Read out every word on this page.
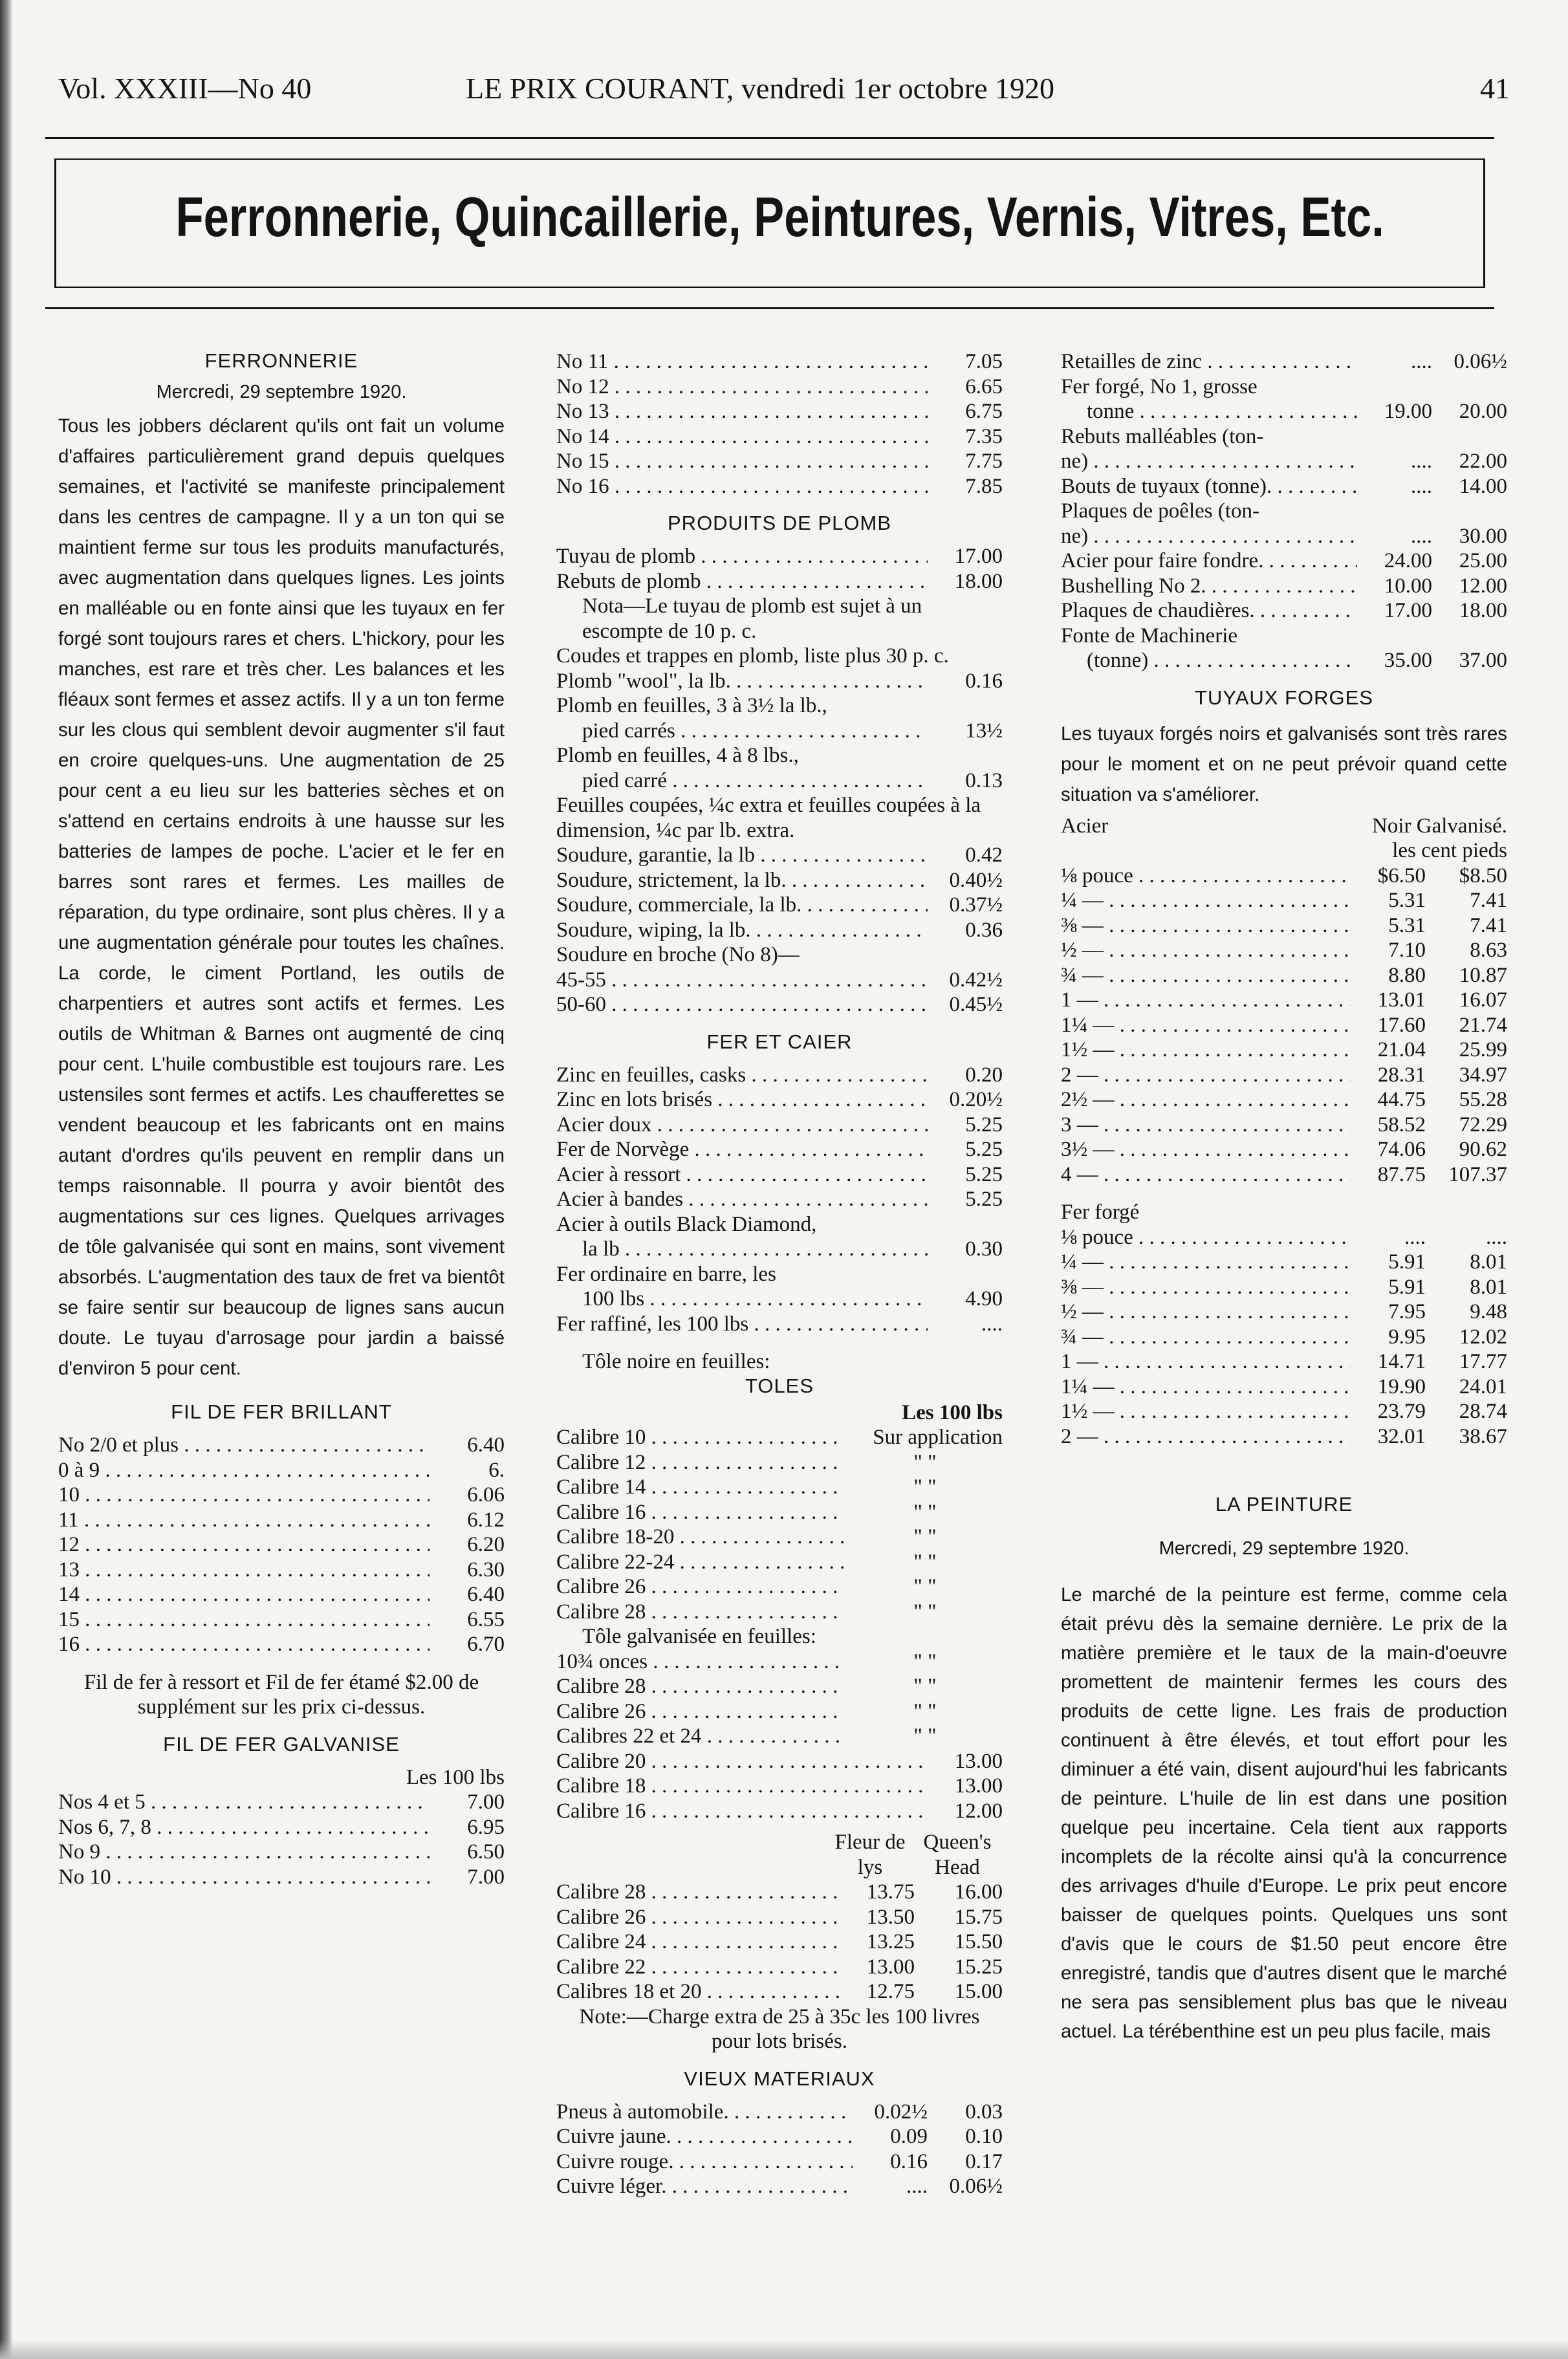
Vol. XXXIII—No 40	LE PRIX COURANT, vendredi 1er octobre 1920	41
Ferronnerie, Quincaillerie, Peintures, Vernis, Vitres, Etc.
FERRONNERIE
Mercredi, 29 septembre 1920.
Tous les jobbers déclarent qu'ils ont fait un volume d'affaires particulièrement grand depuis quelques semaines, et l'activité se manifeste principalement dans les centres de campagne. Il y a un ton qui se maintient ferme sur tous les produits manufacturés, avec augmentation dans quelques lignes. Les joints en malléable ou en fonte ainsi que les tuyaux en fer forgé sont toujours rares et chers. L'hickory, pour les manches, est rare et très cher. Les balances et les fléaux sont fermes et assez actifs. Il y a un ton ferme sur les clous qui semblent devoir augmenter s'il faut en croire quelques-uns. Une augmentation de 25 pour cent a eu lieu sur les batteries sèches et on s'attend en certains endroits à une hausse sur les batteries de lampes de poche. L'acier et le fer en barres sont rares et fermes. Les mailles de réparation, du type ordinaire, sont plus chères. Il y a une augmentation générale pour toutes les chaînes. La corde, le ciment Portland, les outils de charpentiers et autres sont actifs et fermes. Les outils de Whitman & Barnes ont augmenté de cinq pour cent. L'huile combustible est toujours rare. Les ustensiles sont fermes et actifs. Les chaufferettes se vendent beaucoup et les fabricants ont en mains autant d'ordres qu'ils peuvent en remplir dans un temps raisonnable. Il pourra y avoir bientôt des augmentations sur ces lignes. Quelques arrivages de tôle galvanisée qui sont en mains, sont vivement absorbés. L'augmentation des taux de fret va bientôt se faire sentir sur beaucoup de lignes sans aucun doute. Le tuyau d'arrosage pour jardin a baissé d'environ 5 pour cent.
FIL DE FER BRILLANT
No 2/0 et plus . . .	6.40
0 à 9 . . .	6.
10 . . .	6.06
11 . . .	6.12
12 . . .	6.20
13 . . .	6.30
14 . . .	6.40
15 . . .	6.55
16 . . .	6.70
Fil de fer à ressort et Fil de fer étamé $2.00 de supplément sur les prix ci-dessus.
FIL DE FER GALVANISE
Les 100 lbs
Nos 4 et 5 . . .	7.00
Nos 6, 7, 8 . . .	6.95
No 9 . . .	6.50
No 10 . . .	7.00
No 11 . . .	7.05
No 12 . . .	6.65
No 13 . . .	6.75
No 14 . . .	7.35
No 15 . . .	7.75
No 16 . . .	7.85
PRODUITS DE PLOMB
Tuyau de plomb . . .	17.00
Rebuts de plomb . . .	18.00
Nota—Le tuyau de plomb est sujet à un escompte de 10 p. c.
Coudes et trappes en plomb, liste plus 30 p. c.
Plomb "wool", la lb. . . .	0.16
Plomb en feuilles, 3 à 3½ la lb.,
pied carrés . . .	13½
Plomb en feuilles, 4 à 8 lbs.,
pied carré . . .	0.13
Feuilles coupées, ¼c extra et feuilles coupées à la dimension, ¼c par lb. extra.
Soudure, garantie, la lb . . .	0.42
Soudure, strictement, la lb. . . .	0.40½
Soudure, commerciale, la lb. . . .	0.37½
Soudure, wiping, la lb. . . .	0.36
Soudure en broche (No 8)—
45-55 . . .	0.42½
50-60 . . .	0.45½
FER ET CAIER
Zinc en feuilles, casks . . .	0.20
Zinc en lots brisés . . .	0.20½
Acier doux . . .	5.25
Fer de Norvège . . .	5.25
Acier à ressort . . .	5.25
Acier à bandes . . .	5.25
Acier à outils Black Diamond,
la lb . . .	0.30
Fer ordinaire en barre, les
100 lbs . . .	4.90
Fer raffiné, les 100 lbs . . .	....
Tôle noire en feuilles:
TOLES
Les 100 lbs
Calibre 10 . . .	Sur application
Calibre 12 . . .	" "
Calibre 14 . . .	" "
Calibre 16 . . .	" "
Calibre 18-20 . . .	" "
Calibre 22-24 . . .	" "
Calibre 26 . . .	" "
Calibre 28 . . .	" "
Tôle galvanisée en feuilles:
10¾ onces . . .	" "
Calibre 28 . . .	" "
Calibre 26 . . .	" "
Calibres 22 et 24 . . .	" "
Calibre 20 . . .	13.00
Calibre 18 . . .	13.00
Calibre 16 . . .	12.00
Fleur de lys
Queen's Head
Calibre 28 . . .	13.75	16.00
Calibre 26 . . .	13.50	15.75
Calibre 24 . . .	13.25	15.50
Calibre 22 . . .	13.00	15.25
Calibres 18 et 20 . . .	12.75	15.00
Note:—Charge extra de 25 à 35c les 100 livres pour lots brisés.
VIEUX MATERIAUX
Pneus à automobile. . . .	0.02½	0.03
Cuivre jaune. . . .	0.09	0.10
Cuivre rouge. . . .	0.16	0.17
Cuivre léger. . . .	....	0.06½
Retailles de zinc . . .	....	0.06½
Fer forgé, No 1, grosse
tonne . . .	19.00	20.00
Rebuts malléables (ton-
ne) . . .	....	22.00
Bouts de tuyaux (tonne). . . .	....	14.00
Plaques de poêles (ton-
ne) . . .	....	30.00
Acier pour faire fondre. . . .	24.00	25.00
Bushelling No 2. . . .	10.00	12.00
Plaques de chaudières. . . .	17.00	18.00
Fonte de Machinerie
(tonne) . . .	35.00	37.00
TUYAUX FORGES
Les tuyaux forgés noirs et galvanisés sont très rares pour le moment et on ne peut prévoir quand cette situation va s'améliorer.
Acier	Noir Galvanisé.
les cent pieds
⅛ pouce . . .	$6.50	$8.50
¼ — . . .	5.31	7.41
⅜ — . . .	5.31	7.41
½ — . . .	7.10	8.63
¾ — . . .	8.80	10.87
1 — . . .	13.01	16.07
1¼ — . . .	17.60	21.74
1½ — . . .	21.04	25.99
2 — . . .	28.31	34.97
2½ — . . .	44.75	55.28
3 — . . .	58.52	72.29
3½ — . . .	74.06	90.62
4 — . . .	87.75	107.37
Fer forgé
⅛ pouce . . .	....	....
¼ — . . .	5.91	8.01
⅜ — . . .	5.91	8.01
½ — . . .	7.95	9.48
¾ — . . .	9.95	12.02
1 — . . .	14.71	17.77
1¼ — . . .	19.90	24.01
1½ — . . .	23.79	28.74
2 — . . .	32.01	38.67
LA PEINTURE
Mercredi, 29 septembre 1920.
Le marché de la peinture est ferme, comme cela était prévu dès la semaine dernière. Le prix de la matière première et le taux de la main-d'oeuvre promettent de maintenir fermes les cours des produits de cette ligne. Les frais de production continuent à être élevés, et tout effort pour les diminuer a été vain, disent aujourd'hui les fabricants de peinture. L'huile de lin est dans une position quelque peu incertaine. Cela tient aux rapports incomplets de la récolte ainsi qu'à la concurrence des arrivages d'huile d'Europe. Le prix peut encore baisser de quelques points. Quelques uns sont d'avis que le cours de $1.50 peut encore être enregistré, tandis que d'autres disent que le marché ne sera pas sensiblement plus bas que le niveau actuel. La térébenthine est un peu plus facile, mais
